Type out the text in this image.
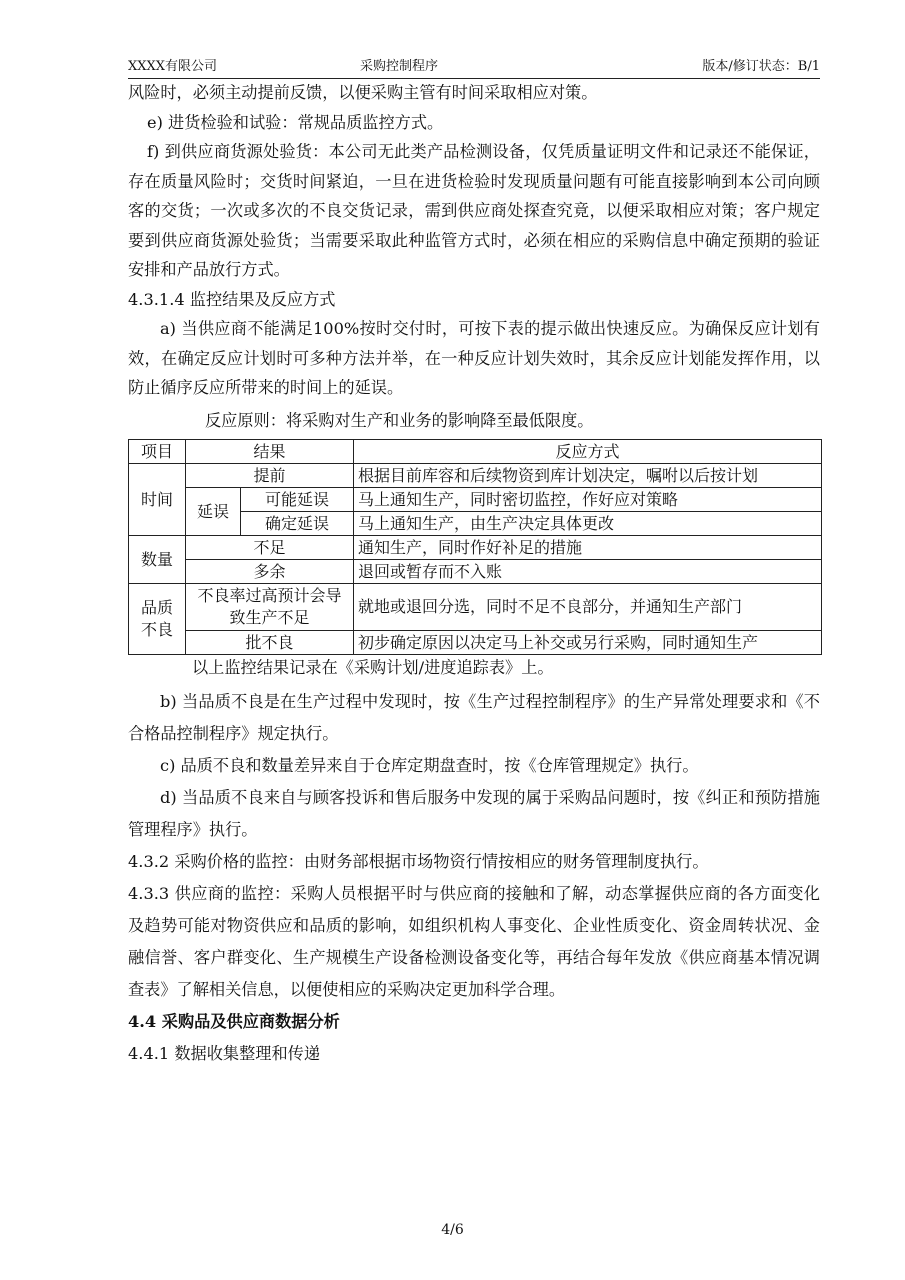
XXXX有限公司	采购控制程序	版本/修订状态：B/1

风险时，必须主动提前反馈，以便采购主管有时间采取相应对策。

e) 进货检验和试验：常规品质监控方式。

f) 到供应商货源处验货：本公司无此类产品检测设备，仅凭质量证明文件和记录还不能保证，存在质量风险时；交货时间紧迫，一旦在进货检验时发现质量问题有可能直接影响到本公司向顾客的交货；一次或多次的不良交货记录，需到供应商处探查究竟，以便采取相应对策；客户规定要到供应商货源处验货；当需要采取此种监管方式时，必须在相应的采购信息中确定预期的验证安排和产品放行方式。

4.3.1.4 监控结果及反应方式

a) 当供应商不能满足100%按时交付时，可按下表的提示做出快速反应。为确保反应计划有效，在确定反应计划时可多种方法并举，在一种反应计划失效时，其余反应计划能发挥作用，以防止循序反应所带来的时间上的延误。

反应原则：将采购对生产和业务的影响降至最低限度。

项目	结果		反应方式
时间	提前		根据目前库容和后续物资到库计划决定，嘱咐以后按计划
	延误	可能延误	马上通知生产，同时密切监控，作好应对策略
		确定延误	马上通知生产，由生产决定具体更改
数量	不足		通知生产，同时作好补足的措施
	多余		退回或暂存而不入账
品质不良	不良率过高预计会导致生产不足		就地或退回分选，同时不足不良部分，并通知生产部门
	批不良		初步确定原因以决定马上补交或另行采购，同时通知生产

以上监控结果记录在《采购计划/进度追踪表》上。

b) 当品质不良是在生产过程中发现时，按《生产过程控制程序》的生产异常处理要求和《不合格品控制程序》规定执行。

c) 品质不良和数量差异来自于仓库定期盘查时，按《仓库管理规定》执行。

d) 当品质不良来自与顾客投诉和售后服务中发现的属于采购品问题时，按《纠正和预防措施管理程序》执行。

4.3.2 采购价格的监控：由财务部根据市场物资行情按相应的财务管理制度执行。

4.3.3 供应商的监控：采购人员根据平时与供应商的接触和了解，动态掌握供应商的各方面变化及趋势可能对物资供应和品质的影响，如组织机构人事变化、企业性质变化、资金周转状况、金融信誉、客户群变化、生产规模生产设备检测设备变化等，再结合每年发放《供应商基本情况调查表》了解相关信息，以便使相应的采购决定更加科学合理。

4.4 采购品及供应商数据分析

4.4.1 数据收集整理和传递

4/6
